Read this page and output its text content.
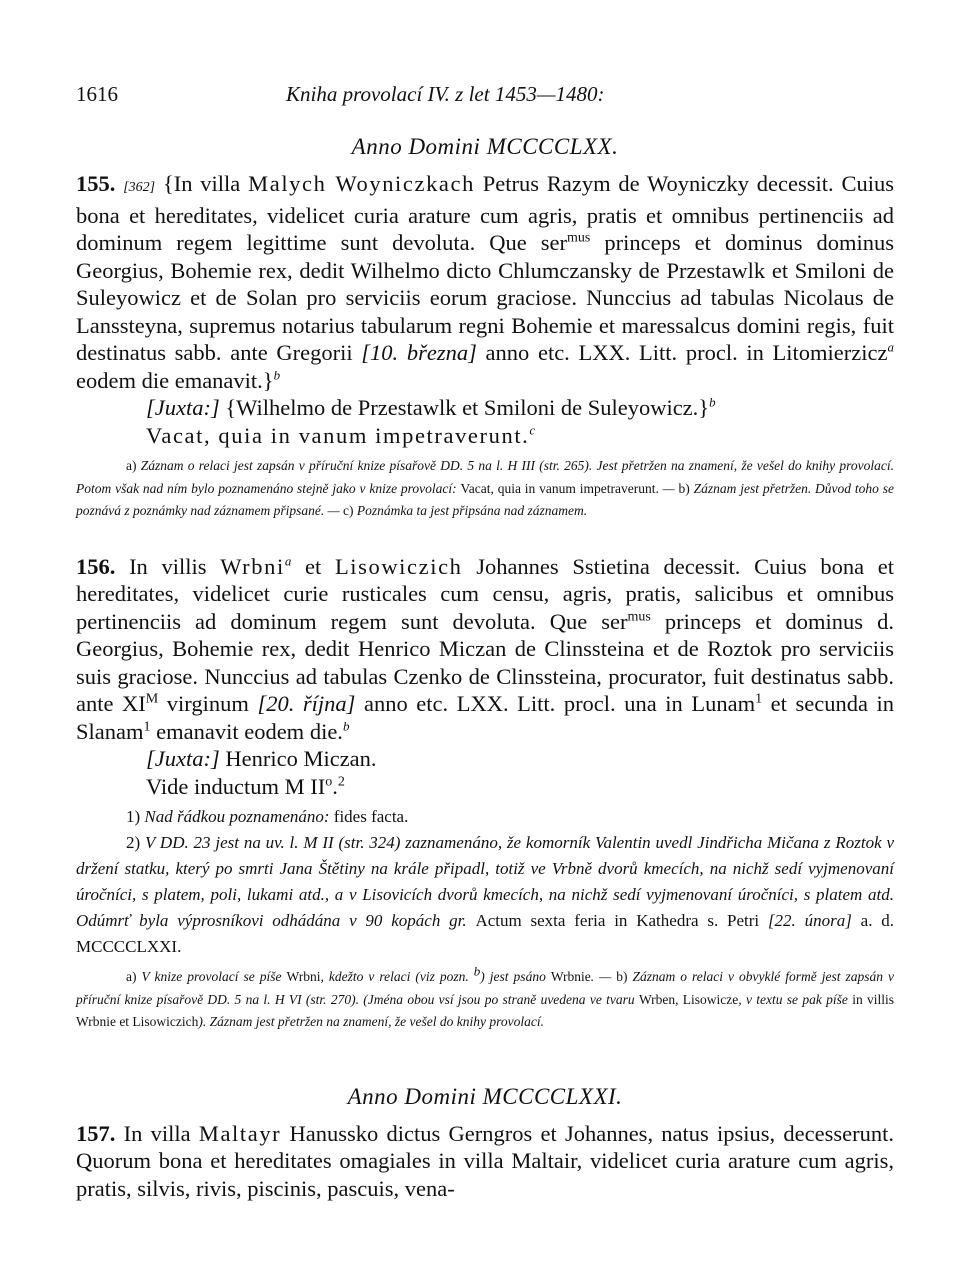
1616	Kniha provolací IV. z let 1453—1480:
Anno Domini MCCCCLXX.
155. [362] {In villa Malych Woyniczkach Petrus Razym de Woyniczky decessit. Cuius bona et hereditates, videlicet curia arature cum agris, pratis et omnibus pertinenciis ad dominum regem legittime sunt devoluta. Que ser$^{mus}$ princeps et dominus dominus Georgius, Bohemie rex, dedit Wilhelmo dicto Chlumczansky de Przestawlk et Smiloni de Suleyowicz et de Solan pro serviciis eorum graciose. Nunccius ad tabulas Nicolaus de Lanssteyna, supremus notarius tabularum regni Bohemie et maressalcus domini regis, fuit destinatus sabb. ante Gregorii [10. března] anno etc. LXX. Litt. procl. in Litomierzicz$^a$ eodem die emanavit.}$^b$
[Juxta:] {Wilhelmo de Przestawlk et Smiloni de Suleyowicz.}$^b$
Vacat, quia in vanum impetraverunt.$^c$
a) Záznam o relaci jest zapsán v příruční knize písařově DD. 5 na l. H III (str. 265). Jest přetržen na znamení, že vešel do knihy provolací. Potom však nad ním bylo poznamenáno stejně jako v knize provolací: Vacat, quia in vanum impetraverunt. — b) Záznam jest přetržen. Důvod toho se poznává z poznámky nad záznamem připsané. — c) Poznámka ta jest připsána nad záznamem.
156. In villis Wrbni$^a$ et Lisowiczich Johannes Sstietina decessit. Cuius bona et hereditates, videlicet curie rusticales cum censu, agris, pratis, salicibus et omnibus pertinenciis ad dominum regem sunt devoluta. Que ser$^{mus}$ princeps et dominus d. Georgius, Bohemie rex, dedit Henrico Miczan de Clinssteina et de Roztok pro serviciis suis graciose. Nunccius ad tabulas Czenko de Clinssteina, procurator, fuit destinatus sabb. ante $XI^M$ virginum [20. října] anno etc. LXX. Litt. procl. una in Lunam$^1$ et secunda in Slanam$^1$ emanavit eodem die.$^b$
[Juxta:] Henrico Miczan.
Vide inductum M $II^o.^2$
1) Nad řádkou poznamenáno: fides facta.
2) V DD. 23 jest na uv. l. M II (str. 324) zaznamenáno, že komorník Valentin uvedl Jindřicha Mičana z Roztok v držení statku, který po smrti Jana Štětiny na krále připadl, totiž ve Vrbně dvorů kmecích, na nichž sedí vyjmenovaní úročníci, s platem, poli, lukami atd., a v Lisovicích dvorů kmecích, na nichž sedí vyjmenovaní úročníci, s platem atd. Odúmrť byla výprosníkovi odhádána v 90 kopách gr. Actum sexta feria in Kathedra s. Petri [22. února] a. d. MCCCCLXXI.
a) V knize provolací se píše Wrbni, kdežto v relaci (viz pozn. b) jest psáno Wrbnie. — b) Záznam o relaci v obvyklé formě jest zapsán v příruční knize písařově DD. 5 na l. H VI (str. 270). (Jména obou vsí jsou po straně uvedena ve tvaru Wrben, Lisowicze, v textu se pak píše in villis Wrbnie et Lisowiczich). Záznam jest přetržen na znamení, že vešel do knihy provolací.
Anno Domini MCCCCLXXI.
157. In villa Maltayr Hanussko dictus Gerngros et Johannes, natus ipsius, decesserunt. Quorum bona et hereditates omagiales in villa Maltair, videlicet curia arature cum agris, pratis, silvis, rivis, piscinis, pascuis, vena-
